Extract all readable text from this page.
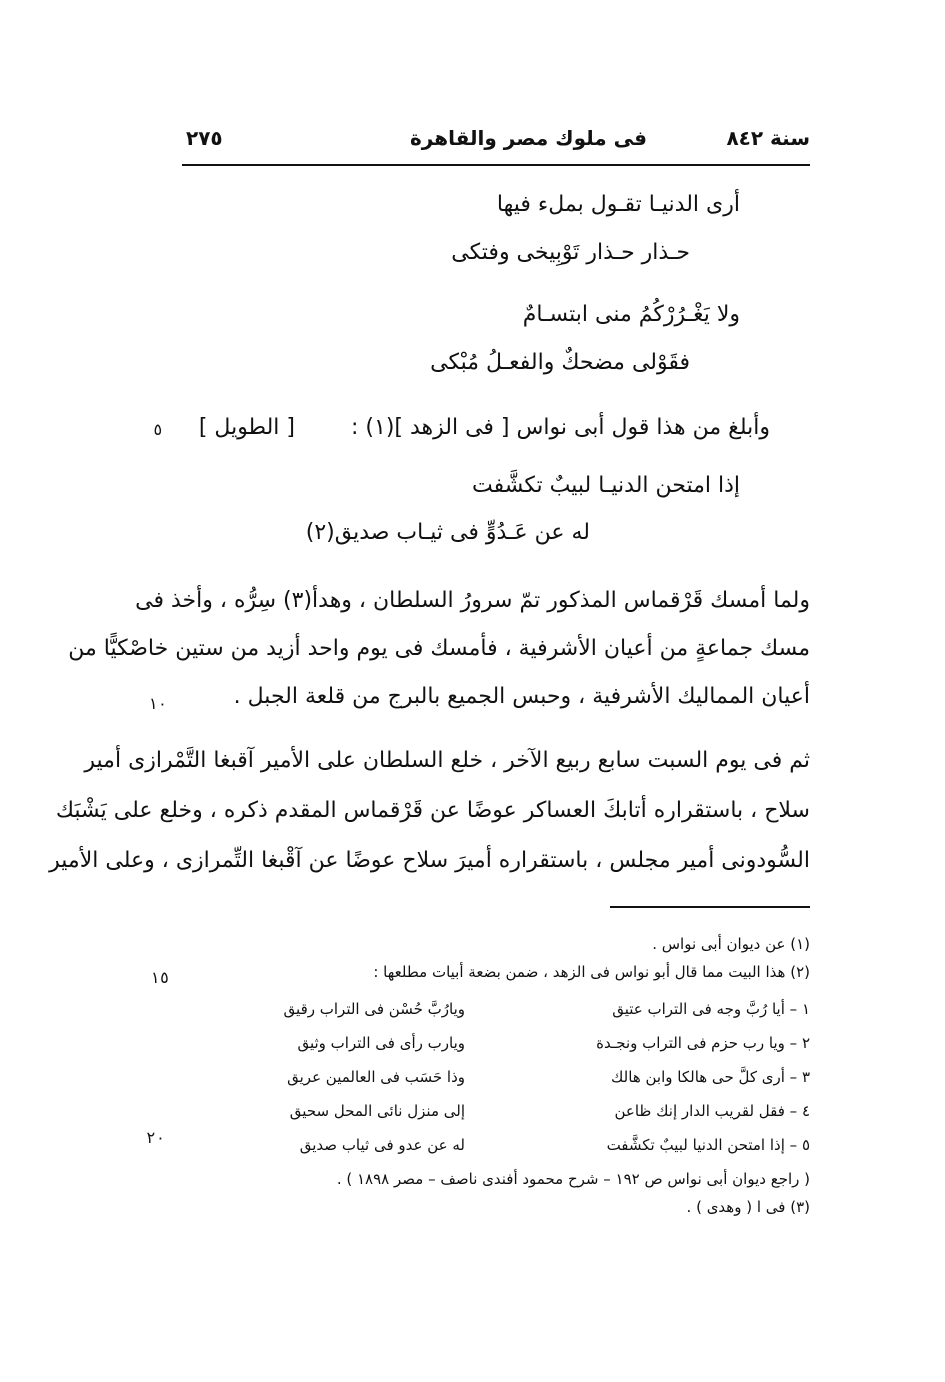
سنة ٨٤٢
فى ملوك مصر والقاهرة
٢٧٥
أرى الدنيـا تقـول بملء فيها
حـذار حـذار تَوْبِيخى وفتكى
ولا يَغْـرُرْكُمُ منى ابتسـامٌ
فقَوْلى مضحكٌ والفعـلُ مُبْكى
وأبلغ من هذا قول أبى نواس [ فى الزهد ](١) :
[ الطويل ]
٥
إذا امتحن الدنيـا لبيبٌ تكشَّفت
له عن عَـدُوٍّ فى ثيـاب صديق(٢)
ولما أمسك قَرْقماس المذكور تمّ سرورُ السلطان ، وهدأ(٣) سِرُّه ، وأخذ فى
مسك جماعةٍ من أعيان الأشرفية ، فأمسك فى يوم واحد أزيد من ستين خاصْكيًّا من
أعيان المماليك الأشرفية ، وحبس الجميع بالبرج من قلعة الجبل .
١٠
ثم فى يوم السبت سابع ربيع الآخر ، خلع السلطان على الأمير آقبغا التَّمْرازى أمير
سلاح ، باستقراره أتابكَ العساكر عوضًا عن قَرْقماس المقدم ذكره ، وخلع على يَشْبَك
السُّودونى أمير مجلس ، باستقراره أميرَ سلاح عوضًا عن آقْبغا التِّمرازى ، وعلى الأمير
(١) عن ديوان أبى نواس .
(٢) هذا البيت مما قال أبو نواس فى الزهد ، ضمن بضعة أبيات مطلعها :
١٥
١ – أيا رُبَّ وجه فى التراب عتيق
ويارُبَّ حُسْن فى التراب رقيق
٢ – ويا رب حزم فى التراب ونجـدة
ويارب رأى فى التراب وثيق
٣ – أرى كلَّ حى هالكا وابن هالك
وذا حَسَب فى العالمين عريق
٤ – فقل لقريب الدار إنك ظاعن
إلى منزل نائى المحل سحيق
٥ – إذا امتحن الدنيا لبيبٌ تكشَّفت
له عن عدو فى ثياب صديق
٢٠
( راجع ديوان أبى نواس ص ١٩٢ – شرح محمود أفندى ناصف – مصر ١٨٩٨ ) .
(٣) فى ا ( وهدى ) .
